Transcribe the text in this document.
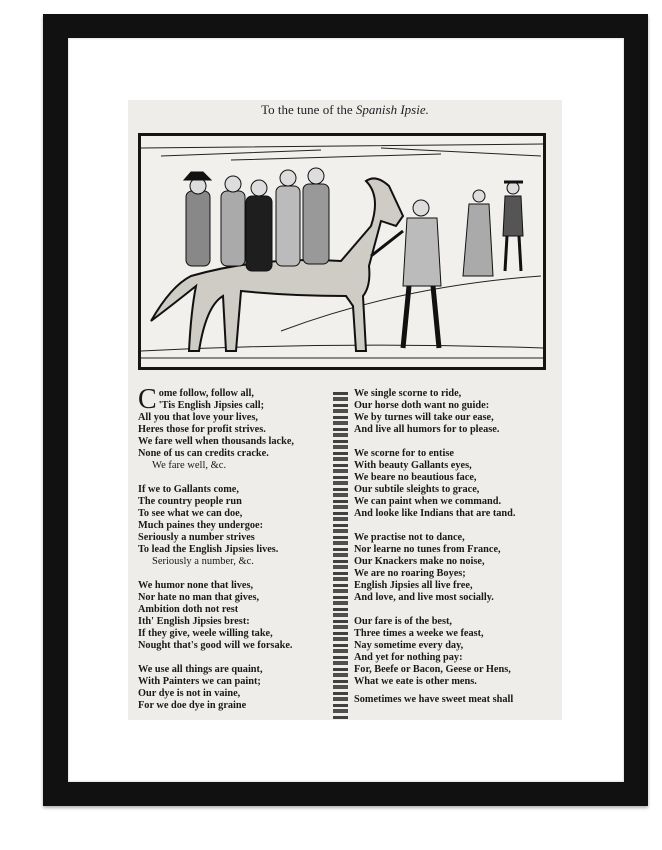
To the tune of the Spanish Ipsie.
C ome follow, follow all,
'Tis English Jipsies call;
All you that love your lives,
Heres those for profit strives.
We fare well when thousands lacke,
None of us can credits cracke.
We fare well, &c.
If we to Gallants come,
The country people run
To see what we can doe,
Much paines they undergoe:
Seriously a number strives
To lead the English Jipsies lives.
Seriously a number, &c.
We humor none that lives,
Nor hate no man that gives,
Ambition doth not rest
Ith' English Jipsies brest:
If they give, weele willing take,
Nought that's good will we forsake.
We use all things are quaint,
With Painters we can paint;
Our dye is not in vaine,
For we doe dye in graine
We single scorne to ride,
Our horse doth want no guide:
We by turnes will take our ease,
And live all humors for to please.
We scorne for to entise
With beauty Gallants eyes,
We beare no beautious face,
Our subtile sleights to grace,
We can paint when we command.
And looke like Indians that are tand.
We practise not to dance,
Nor learne no tunes from France,
Our Knackers make no noise,
We are no roaring Boyes;
English Jipsies all live free,
And love, and live most socially.
Our fare is of the best,
Three times a weeke we feast,
Nay sometime every day,
And yet for nothing pay:
For, Beefe or Bacon, Geese or Hens,
What we eate is other mens.
Sometimes we have sweet meat shall
